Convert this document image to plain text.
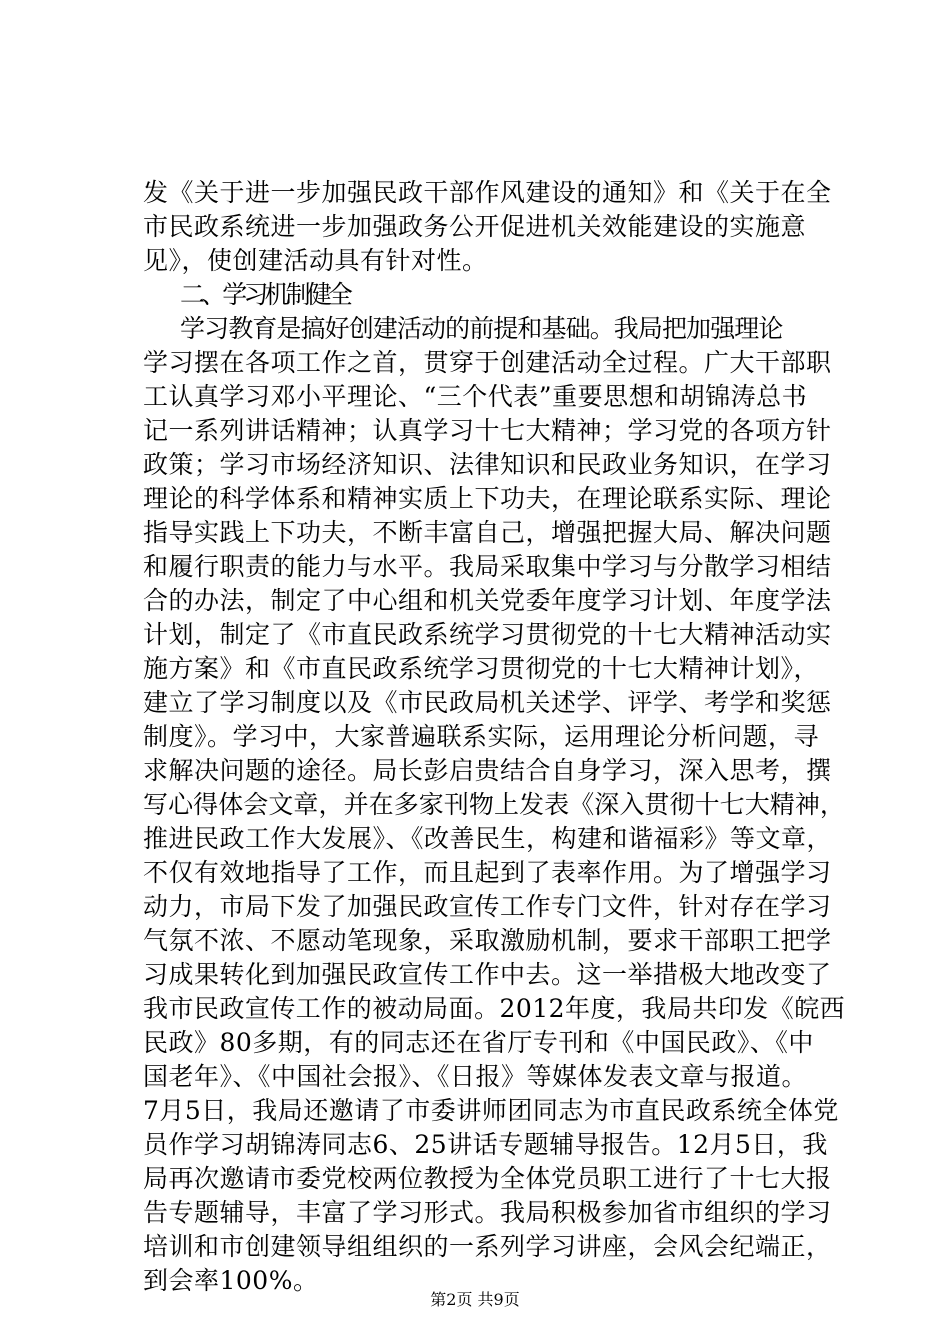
发《关于进一步加强民政干部作风建设的通知》和《关于在全
市民政系统进一步加强政务公开促进机关效能建设的实施意
见》，使创建活动具有针对性。
二、学习机制健全
学习教育是搞好创建活动的前提和基础。我局把加强理论
学习摆在各项工作之首，贯穿于创建活动全过程。广大干部职
工认真学习邓小平理论、“三个代表”重要思想和胡锦涛总书
记一系列讲话精神；认真学习十七大精神；学习党的各项方针
政策；学习市场经济知识、法律知识和民政业务知识，在学习
理论的科学体系和精神实质上下功夫，在理论联系实际、理论
指导实践上下功夫，不断丰富自己，增强把握大局、解决问题
和履行职责的能力与水平。我局采取集中学习与分散学习相结
合的办法，制定了中心组和机关党委年度学习计划、年度学法
计划，制定了《市直民政系统学习贯彻党的十七大精神活动实
施方案》和《市直民政系统学习贯彻党的十七大精神计划》，
建立了学习制度以及《市民政局机关述学、评学、考学和奖惩
制度》。学习中，大家普遍联系实际，运用理论分析问题，寻
求解决问题的途径。局长彭启贵结合自身学习，深入思考，撰
写心得体会文章，并在多家刊物上发表《深入贯彻十七大精神，
推进民政工作大发展》、《改善民生，构建和谐福彩》等文章，
不仅有效地指导了工作，而且起到了表率作用。为了增强学习
动力，市局下发了加强民政宣传工作专门文件，针对存在学习
气氛不浓、不愿动笔现象，采取激励机制，要求干部职工把学
习成果转化到加强民政宣传工作中去。这一举措极大地改变了
我市民政宣传工作的被动局面。2012年度，我局共印发《皖西
民政》80多期，有的同志还在省厅专刊和《中国民政》、《中
国老年》、《中国社会报》、《日报》等媒体发表文章与报道。
7月5日，我局还邀请了市委讲师团同志为市直民政系统全体党
员作学习胡锦涛同志6、25讲话专题辅导报告。12月5日，我
局再次邀请市委党校两位教授为全体党员职工进行了十七大报
告专题辅导，丰富了学习形式。我局积极参加省市组织的学习
培训和市创建领导组组织的一系列学习讲座，会风会纪端正，
到会率100%。
第2页 共9页
